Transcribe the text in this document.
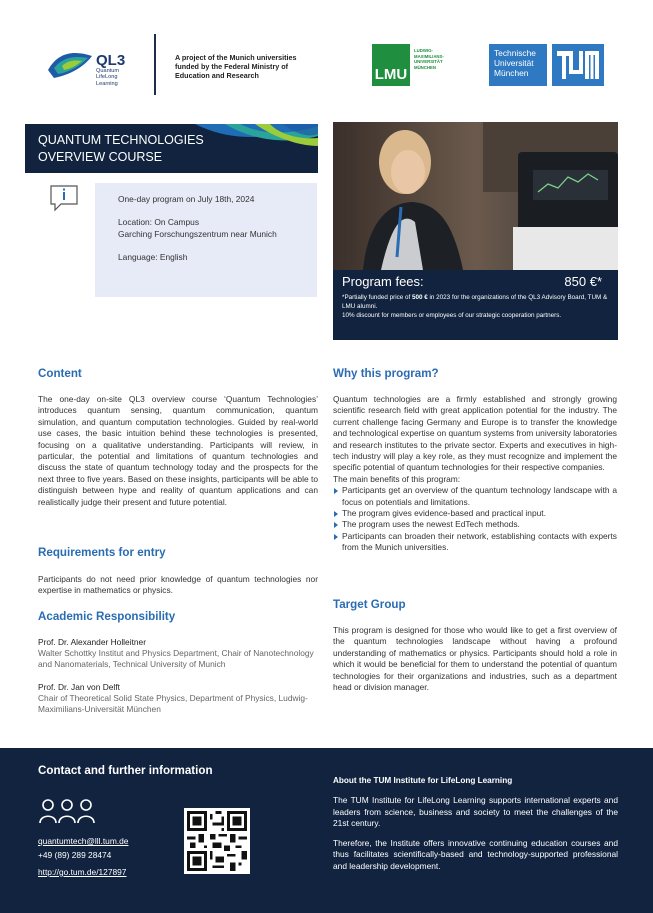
QL3
Quantum
LifeLong
Learning
A project of the Munich universities
funded by the Federal Ministry of
Education and Research	LMU
LUDWIG-
MAXIMILIANS-
UNIVERSITÄT
MÜNCHEN
Technische
Universität
München
QUANTUM TECHNOLOGIES
OVERVIEW COURSE

One-day program on July 18th, 2024

Location: On Campus
Garching Forschungszentrum near Munich

Language: English

Program fees:	850 €*
*Partially funded price of 500 € in 2023 for the organizations of the QL3 Advisory Board, TUM & LMU alumni.
10% discount for members or employees of our strategic cooperation partners.
Content
The one-day on-site QL3 overview course ‘Quantum Technologies’ introduces quantum sensing, quantum communication, quantum simulation, and quantum computation technologies. Guided by real-world use cases, the basic intuition behind these technologies is presented, focusing on a qualitative understanding. Participants will review, in particular, the potential and limitations of quantum technologies and discuss the state of quantum technology today and the prospects for the next three to five years. Based on these insights, participants will be able to distinguish between hype and reality of quantum applications and can realistically judge their present and future potential.
Requirements for entry
Participants do not need prior knowledge of quantum technologies nor expertise in mathematics or physics.
Academic Responsibility
Prof. Dr. Alexander Holleitner
Walter Schottky Institut and Physics Department, Chair of Nanotechnology and Nanomaterials, Technical University of Munich
Prof. Dr. Jan von Delft
Chair of Theoretical Solid State Physics, Department of Physics, Ludwig-Maximilians-Universität München
Why this program?
Quantum technologies are a firmly established and strongly growing scientific research field with great application potential for the industry. The current challenge facing Germany and Europe is to transfer the knowledge and technological expertise on quantum systems from university laboratories and research institutes to the private sector. Experts and executives in high-tech industry will play a key role, as they must recognize and implement the specific potential of quantum technologies for their respective companies.
The main benefits of this program:
Participants get an overview of the quantum technology landscape with a focus on potentials and limitations.
The program gives evidence-based and practical input.
The program uses the newest EdTech methods.
Participants can broaden their network, establishing contacts with experts from the Munich universities.
Target Group
This program is designed for those who would like to get a first overview of the quantum technologies landscape without having a profound understanding of mathematics or physics. Participants should hold a role in which it would be beneficial for them to understand the potential of quantum technologies for their organizations and industries, such as a department head or division manager.
Contact and further information
quantumtech@lll.tum.de
+49 (89) 289 28474
http://go.tum.de/127897
About the TUM Institute for LifeLong Learning

The TUM Institute for LifeLong Learning supports international experts and leaders from science, business and society to meet the challenges of the 21st century.

Therefore, the Institute offers innovative continuing education courses and thus facilitates scientifically-based and technology-supported professional and leadership development.
